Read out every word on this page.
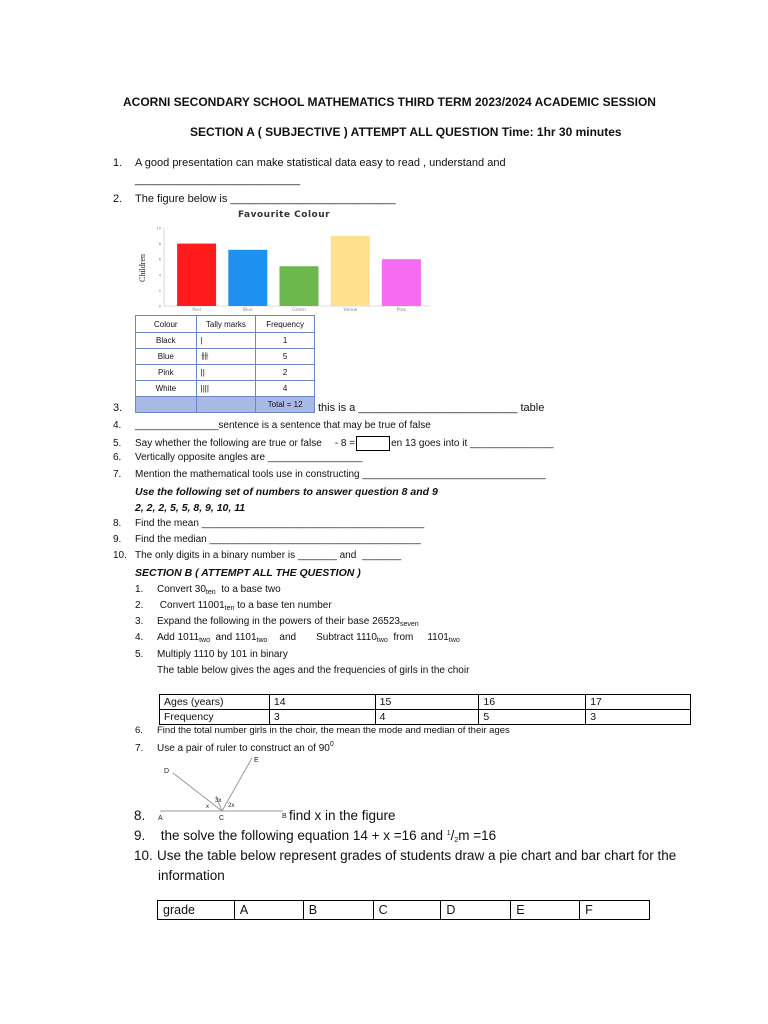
ACORNI SECONDARY SCHOOL MATHEMATICS THIRD TERM 2023/2024 ACADEMIC SESSION
SECTION A ( SUBJECTIVE ) ATTEMPT ALL QUESTION Time: 1hr 30 minutes
1. A good presentation can make statistical data easy to read , understand and
___________________________
2. The figure below is ___________________________
Favourite Colour
Children
10
8
6
4
2
0
Red	Blue	Green	Yellow	Pink
Colour	Tally marks	Frequency
Black	|	1
Blue	卌	5
Pink	||	2
White	||||	4
		Total = 12
3.	this is a __________________________ table
4. _______________sentence is a sentence that may be true of false
5. Say whether the following are true or false - 8 =	en 13 goes into it _______________
6. Vertically opposite angles are _________________
7. Mention the mathematical tools use in constructing _________________________________
Use the following set of numbers to answer question 8 and 9
2, 2, 2, 5, 5, 8, 9, 10, 11
8. Find the mean ________________________________________
9. Find the median ______________________________________
10. The only digits in a binary number is _______ and _______
SECTION B ( ATTEMPT ALL THE QUESTION )
1. Convert $30_{ten}$ to a base two
2. Convert $11001_{ten}$ to a base ten number
3. Expand the following in the powers of their base $26523_{seven}$
4. Add $1011_{two}$ and $1101_{two}$ and Subtract $1110_{two}$ from $1101_{two}$
5. Multiply 1110 by 101 in binary
The table below gives the ages and the frequencies of girls in the choir
Ages (years)	14	15	16	17
Frequency	3	4	5	3
6. Find the total number girls in the choir, the mean the mode and median of their ages
7. Use a pair of ruler to construct an of $90^0$
D
E
A	C	B
x
3x
2x
8.	find x in the figure
9. the solve the following equation 14 + x =16 and $^1/_2m =16$
10. Use the table below represent grades of students draw a pie chart and bar chart for the
information
grade	A	B	C	D	E	F
